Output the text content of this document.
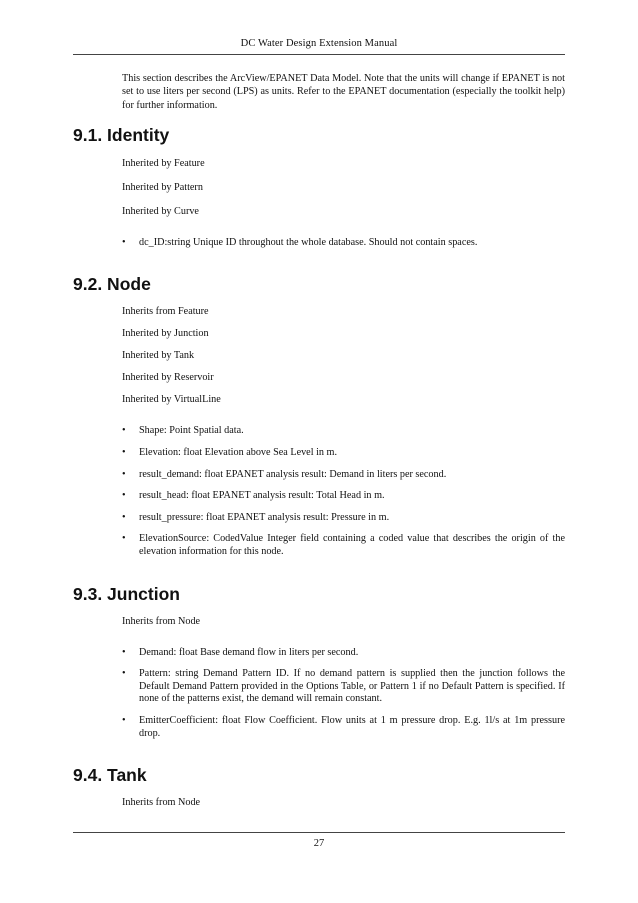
DC Water Design Extension Manual

This section describes the ArcView/EPANET Data Model. Note that the units will change if EPANET is not set to use liters per second (LPS) as units. Refer to the EPANET documentation (especially the toolkit help) for further information.

9.1. Identity

Inherited by Feature

Inherited by Pattern

Inherited by Curve

• dc_ID:string Unique ID throughout the whole database. Should not contain spaces.
9.2. Node

Inherits from Feature

Inherited by Junction

Inherited by Tank

Inherited by Reservoir

Inherited by VirtualLine

• Shape: Point Spatial data.
• Elevation: float Elevation above Sea Level in m.
• result_demand: float EPANET analysis result: Demand in liters per second.
• result_head: float EPANET analysis result: Total Head in m.
• result_pressure: float EPANET analysis result: Pressure in m.
• ElevationSource: CodedValue Integer field containing a coded value that describes the origin of the elevation information for this node.
9.3. Junction

Inherits from Node

• Demand: float Base demand flow in liters per second.
• Pattern: string Demand Pattern ID. If no demand pattern is supplied then the junction follows the Default Demand Pattern provided in the Options Table, or Pattern 1 if no Default Pattern is specified. If none of the patterns exist, the demand will remain constant.
• EmitterCoefficient: float Flow Coefficient. Flow units at 1 m pressure drop. E.g. 1l/s at 1m pressure drop.
9.4. Tank

Inherits from Node

27
